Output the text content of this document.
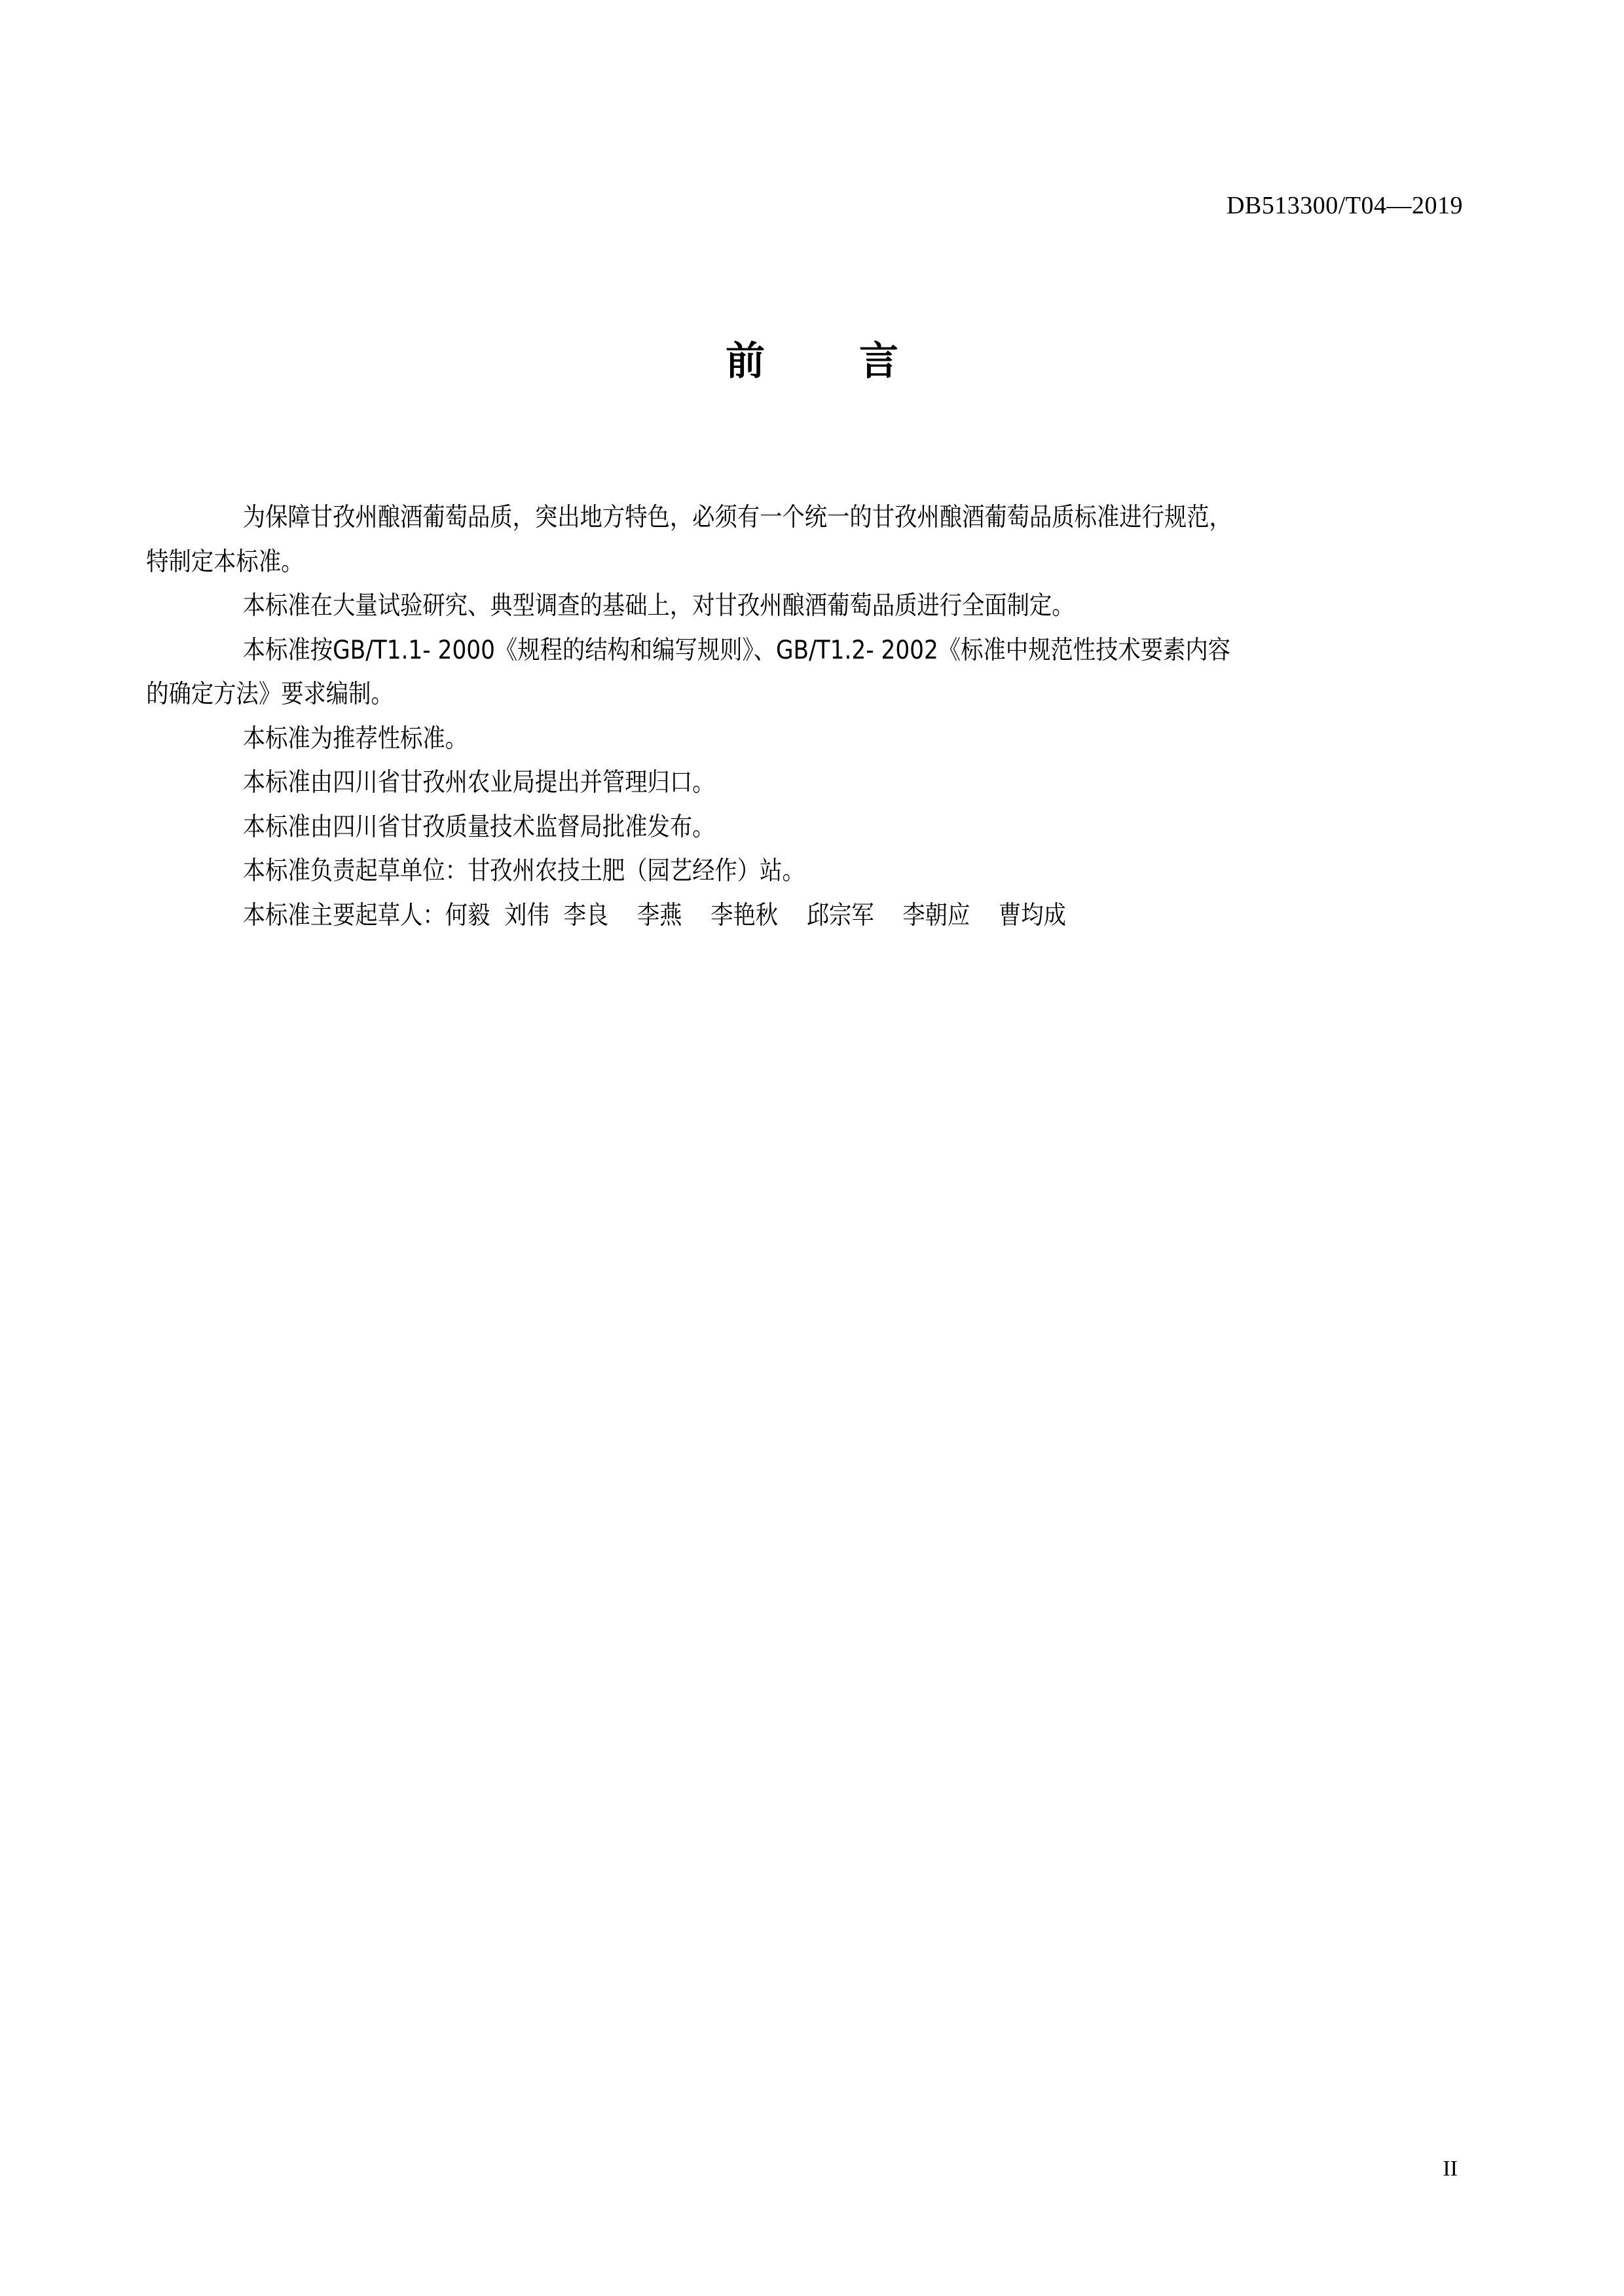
DB513300/T04—2019
前 言

为保障甘孜州酿酒葡萄品质，突出地方特色，必须有一个统一的甘孜州酿酒葡萄品质标准进行规范，
特制定本标准。

本标准在大量试验研究、典型调查的基础上，对甘孜州酿酒葡萄品质进行全面制定。

本标准按GB/T1.1- 2000《规程的结构和编写规则》、GB/T1.2- 2002《标准中规范性技术要素内容
的确定方法》要求编制。

本标准为推荐性标准。

本标准由四川省甘孜州农业局提出并管理归口。

本标准由四川省甘孜质量技术监督局批准发布。

本标准负责起草单位：甘孜州农技土肥（园艺经作）站。

本标准主要起草人：何毅  刘伟  李良    李燕    李艳秋    邱宗军    李朝应    曹均成

II
